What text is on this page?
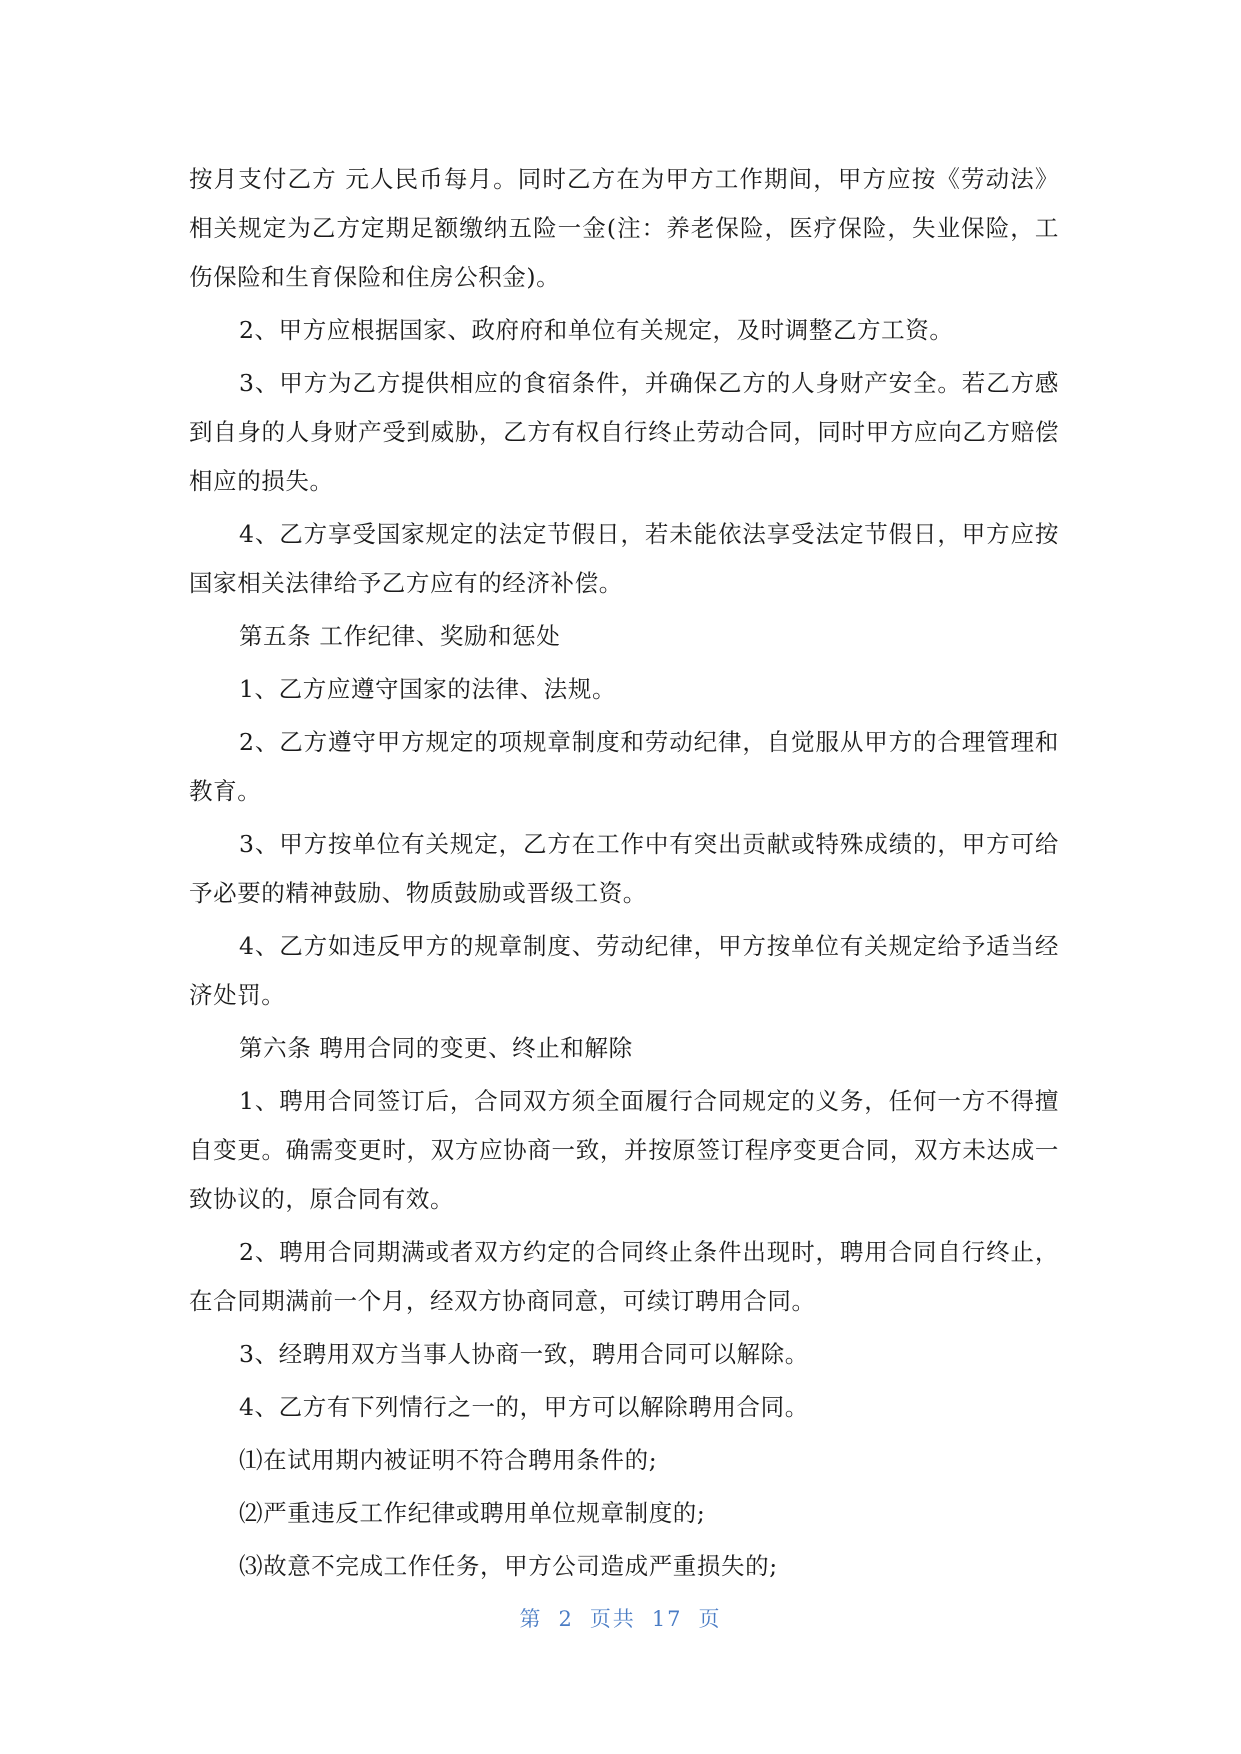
按月支付乙方 元人民币每月。同时乙方在为甲方工作期间，甲方应按《劳动法》相关规定为乙方定期足额缴纳五险一金(注：养老保险，医疗保险，失业保险，工伤保险和生育保险和住房公积金)。

2、甲方应根据国家、政府府和单位有关规定，及时调整乙方工资。

3、甲方为乙方提供相应的食宿条件，并确保乙方的人身财产安全。若乙方感到自身的人身财产受到威胁，乙方有权自行终止劳动合同，同时甲方应向乙方赔偿相应的损失。

4、乙方享受国家规定的法定节假日，若未能依法享受法定节假日，甲方应按国家相关法律给予乙方应有的经济补偿。

第五条 工作纪律、奖励和惩处

1、乙方应遵守国家的法律、法规。

2、乙方遵守甲方规定的项规章制度和劳动纪律，自觉服从甲方的合理管理和教育。

3、甲方按单位有关规定，乙方在工作中有突出贡献或特殊成绩的，甲方可给予必要的精神鼓励、物质鼓励或晋级工资。

4、乙方如违反甲方的规章制度、劳动纪律，甲方按单位有关规定给予适当经济处罚。

第六条 聘用合同的变更、终止和解除

1、聘用合同签订后，合同双方须全面履行合同规定的义务，任何一方不得擅自变更。确需变更时，双方应协商一致，并按原签订程序变更合同，双方未达成一致协议的，原合同有效。

2、聘用合同期满或者双方约定的合同终止条件出现时，聘用合同自行终止，在合同期满前一个月，经双方协商同意，可续订聘用合同。

3、经聘用双方当事人协商一致，聘用合同可以解除。

4、乙方有下列情行之一的，甲方可以解除聘用合同。

⑴在试用期内被证明不符合聘用条件的;

⑵严重违反工作纪律或聘用单位规章制度的;

⑶故意不完成工作任务，甲方公司造成严重损失的;

第 2 页共 17 页
